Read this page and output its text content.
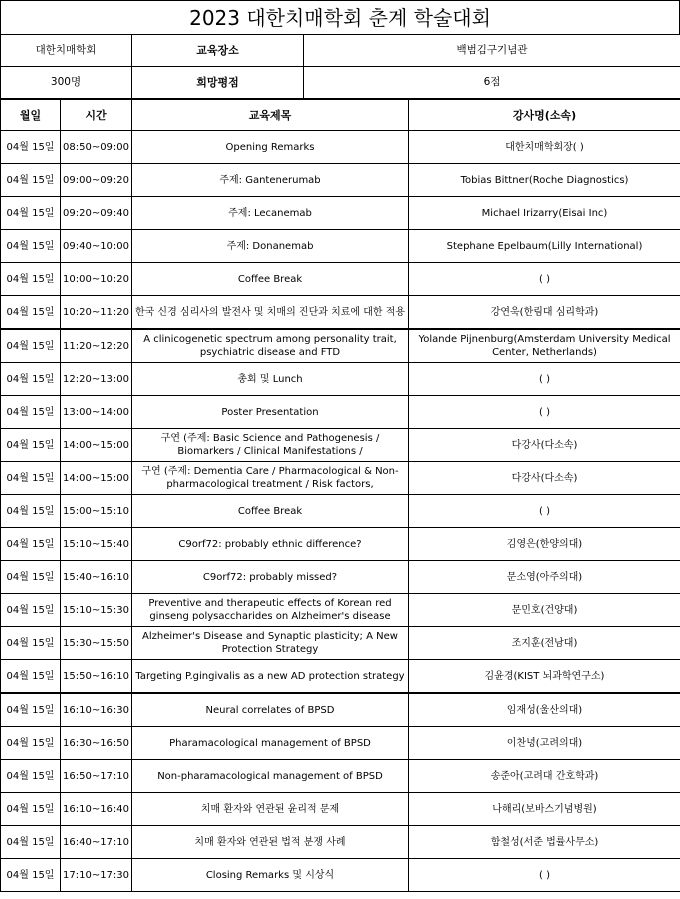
2023 대한치매학회 춘계 학술대회
대한치매학회	교육장소	백범김구기념관
300명	희망평점	6점
월일	시간	교육제목	강사명(소속)
04월 15일	08:50~09:00	Opening Remarks	대한치매학회장( )
04월 15일	09:00~09:20	주제: Gantenerumab	Tobias Bittner(Roche Diagnostics)
04월 15일	09:20~09:40	주제: Lecanemab	Michael Irizarry(Eisai Inc)
04월 15일	09:40~10:00	주제: Donanemab	Stephane Epelbaum(Lilly International)
04월 15일	10:00~10:20	Coffee Break	( )
04월 15일	10:20~11:20	한국 신경 심리사의 발전사 및 치매의 진단과 치료에 대한 적용	강연욱(한림대 심리학과)
04월 15일	11:20~12:20	A clinicogenetic spectrum among personality trait, psychiatric disease and FTD	Yolande Pijnenburg(Amsterdam University Medical Center, Netherlands)
04월 15일	12:20~13:00	총회 및 Lunch	( )
04월 15일	13:00~14:00	Poster Presentation	( )
04월 15일	14:00~15:00	구연 (주제: Basic Science and Pathogenesis / Biomarkers / Clinical Manifestations /	다강사(다소속)
04월 15일	14:00~15:00	구연 (주제: Dementia Care / Pharmacological & Non-pharmacological treatment / Risk factors,	다강사(다소속)
04월 15일	15:00~15:10	Coffee Break	( )
04월 15일	15:10~15:40	C9orf72: probably ethnic difference?	김영은(한양의대)
04월 15일	15:40~16:10	C9orf72: probably missed?	문소영(아주의대)
04월 15일	15:10~15:30	Preventive and therapeutic effects of Korean red ginseng polysaccharides on Alzheimer's disease	문민호(건양대)
04월 15일	15:30~15:50	Alzheimer's Disease and Synaptic plasticity; A New Protection Strategy	조지훈(전남대)
04월 15일	15:50~16:10	Targeting P.gingivalis as a new AD protection strategy	김윤경(KIST 뇌과학연구소)
04월 15일	16:10~16:30	Neural correlates of BPSD	임재성(울산의대)
04월 15일	16:30~16:50	Pharamacological management of BPSD	이찬녕(고려의대)
04월 15일	16:50~17:10	Non-pharamacological management of BPSD	송준아(고려대 간호학과)
04월 15일	16:10~16:40	치매 환자와 연관된 윤리적 문제	나해리(보바스기념병원)
04월 15일	16:40~17:10	치매 환자와 연관된 법적 분쟁 사례	함철성(서준 법률사무소)
04월 15일	17:10~17:30	Closing Remarks 및 시상식	( )
